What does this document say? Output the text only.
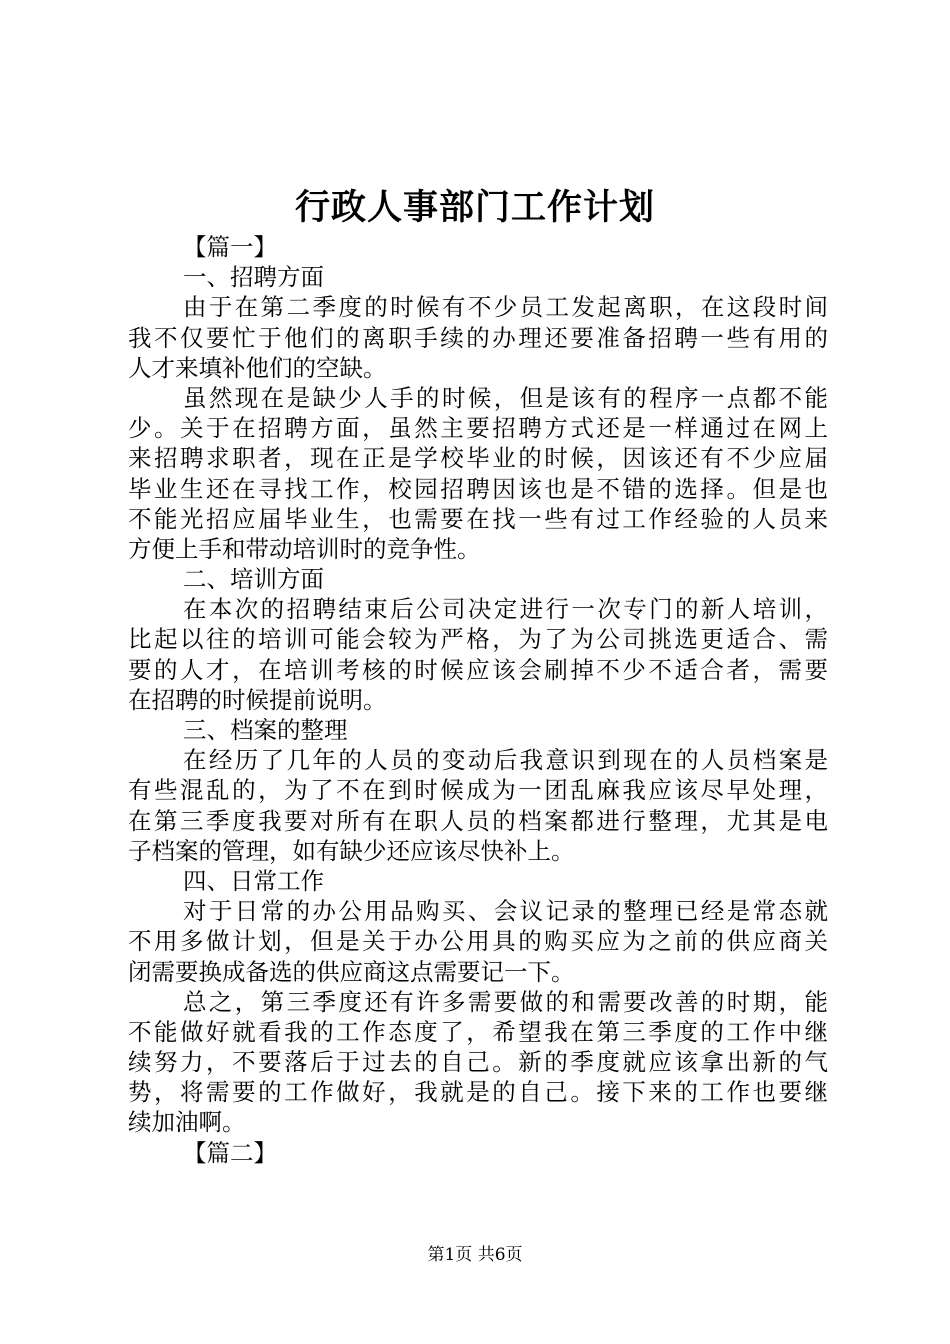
行政人事部门工作计划
【篇一】
一、招聘方面
由于在第二季度的时候有不少员工发起离职，在这段时间
我不仅要忙于他们的离职手续的办理还要准备招聘一些有用的
人才来填补他们的空缺。
虽然现在是缺少人手的时候，但是该有的程序一点都不能
少。关于在招聘方面，虽然主要招聘方式还是一样通过在网上
来招聘求职者，现在正是学校毕业的时候，因该还有不少应届
毕业生还在寻找工作，校园招聘因该也是不错的选择。但是也
不能光招应届毕业生，也需要在找一些有过工作经验的人员来
方便上手和带动培训时的竞争性。
二、培训方面
在本次的招聘结束后公司决定进行一次专门的新人培训，
比起以往的培训可能会较为严格，为了为公司挑选更适合、需
要的人才，在培训考核的时候应该会刷掉不少不适合者，需要
在招聘的时候提前说明。
三、档案的整理
在经历了几年的人员的变动后我意识到现在的人员档案是
有些混乱的，为了不在到时候成为一团乱麻我应该尽早处理，
在第三季度我要对所有在职人员的档案都进行整理，尤其是电
子档案的管理，如有缺少还应该尽快补上。
四、日常工作
对于日常的办公用品购买、会议记录的整理已经是常态就
不用多做计划，但是关于办公用具的购买应为之前的供应商关
闭需要换成备选的供应商这点需要记一下。
总之，第三季度还有许多需要做的和需要改善的时期，能
不能做好就看我的工作态度了，希望我在第三季度的工作中继
续努力，不要落后于过去的自己。新的季度就应该拿出新的气
势，将需要的工作做好，我就是的自己。接下来的工作也要继
续加油啊。
【篇二】
第1页 共6页
